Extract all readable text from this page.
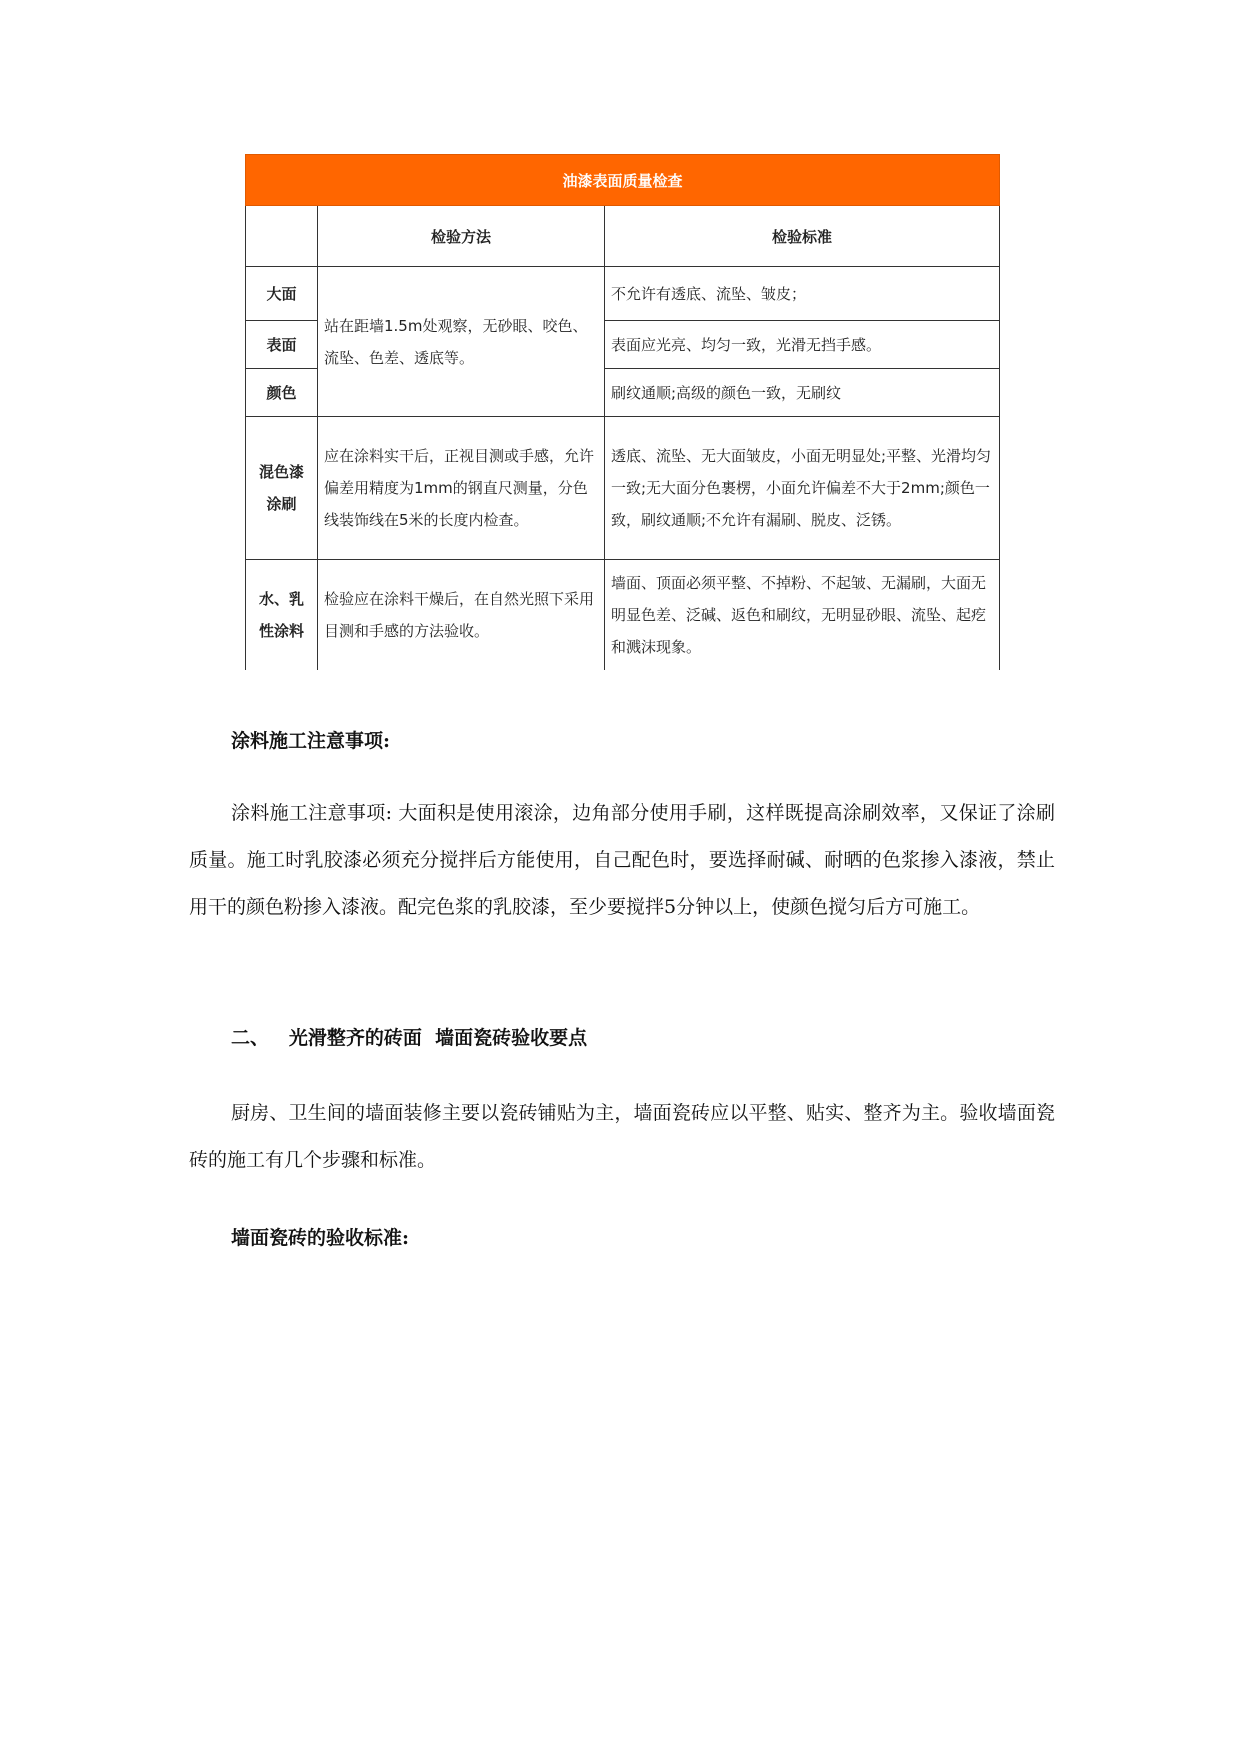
油漆表面质量检查		
	检验方法	检验标准
大面	站在距墙1.5m处观察，无砂眼、咬色、流坠、色差、透底等。	不允许有透底、流坠、皱皮；
表面		表面应光亮、均匀一致，光滑无挡手感。
颜色		刷纹通顺;高级的颜色一致，无刷纹

混色漆
涂刷	应在涂料实干后，正视目测或手感，允许偏差用精度为1mm的钢直尺测量，分色线装饰线在5米的长度内检查。	透底、流坠、无大面皱皮，小面无明显处;平整、光滑均匀一致;无大面分色裹楞，小面允许偏差不大于2mm;颜色一致，刷纹通顺;不允许有漏刷、脱皮、泛锈。

水、乳
性涂料	检验应在涂料干燥后，在自然光照下采用目测和手感的方法验收。	墙面、顶面必须平整、不掉粉、不起皱、无漏刷，大面无明显色差、泛碱、返色和刷纹，无明显砂眼、流坠、起疙和溅沫现象。
涂料施工注意事项:

涂料施工注意事项: 大面积是使用滚涂，边角部分使用手刷，这样既提高涂刷效率，又保证了涂刷质量。施工时乳胶漆必须充分搅拌后方能使用，自己配色时，要选择耐碱、耐晒的色浆掺入漆液，禁止用干的颜色粉掺入漆液。配完色浆的乳胶漆，至少要搅拌5分钟以上，使颜色搅匀后方可施工。

二、   光滑整齐的砖面  墙面瓷砖验收要点

厨房、卫生间的墙面装修主要以瓷砖铺贴为主，墙面瓷砖应以平整、贴实、整齐为主。验收墙面瓷砖的施工有几个步骤和标准。

墙面瓷砖的验收标准:
